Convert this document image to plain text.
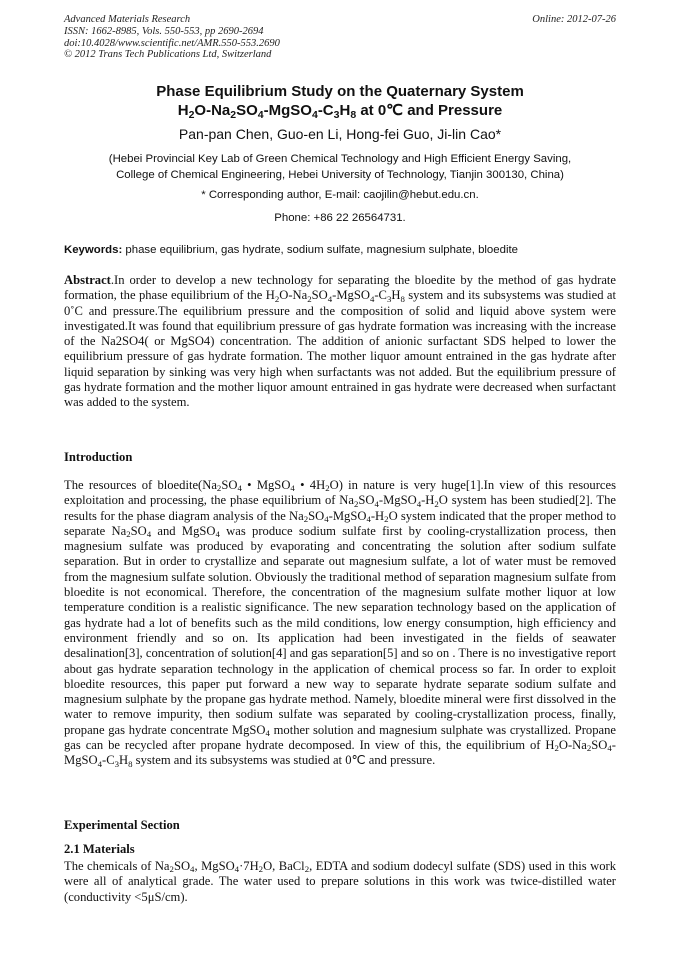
Advanced Materials Research
ISSN: 1662-8985, Vols. 550-553, pp 2690-2694
doi:10.4028/www.scientific.net/AMR.550-553.2690
© 2012 Trans Tech Publications Ltd, Switzerland
Online: 2012-07-26
Phase Equilibrium Study on the Quaternary System
$H_2O-Na_2SO_4-MgSO_4-C_3H_8$ at 0℃ and Pressure
Pan-pan Chen, Guo-en Li, Hong-fei Guo, Ji-lin Cao*
(Hebei Provincial Key Lab of Green Chemical Technology and High Efficient Energy Saving,
College of Chemical Engineering, Hebei University of Technology, Tianjin 300130, China)
* Corresponding author, E-mail: caojilin@hebut.edu.cn.
Phone: +86 22 26564731.
Keywords: phase equilibrium, gas hydrate, sodium sulfate, magnesium sulphate, bloedite
Abstract.In order to develop a new technology for separating the bloedite by the method of gas hydrate formation, the phase equilibrium of the $H_2O-Na_2SO_4-MgSO_4-C_3H_8$ system and its subsystems was studied at 0˚C and pressure.The equilibrium pressure and the composition of solid and liquid above system were investigated.It was found that equilibrium pressure of gas hydrate formation was increasing with the increase of the Na2SO4( or MgSO4) concentration. The addition of anionic surfactant SDS helped to lower the equilibrium pressure of gas hydrate formation. The mother liquor amount entrained in the gas hydrate after liquid separation by sinking was very high when surfactants was not added. But the equilibrium pressure of gas hydrate formation and the mother liquor amount entrained in gas hydrate were decreased when surfactant was added to the system.
Introduction
The resources of $bloedite(Na_2SO_4$ • MgSO$_4$ • $4H_2O$) in nature is very huge[1].In view of this resources exploitation and processing, the phase equilibrium of $Na_2SO_4-MgSO_4-H_2O$ system has been studied[2]. The results for the phase diagram analysis of the $Na_2SO_4-MgSO_4-H_2O$ system indicated that the proper method to separate $Na_2SO_4$ and MgSO$_4$ was produce sodium sulfate first by cooling-crystallization process, then magnesium sulfate was produced by evaporating and concentrating the solution after sodium sulfate separation. But in order to crystallize and separate out magnesium sulfate, a lot of water must be removed from the magnesium sulfate solution. Obviously the traditional method of separation magnesium sulfate from bloedite is not economical. Therefore, the concentration of the magnesium sulfate mother liquor at low temperature condition is a realistic significance. The new separation technology based on the application of gas hydrate had a lot of benefits such as the mild conditions, low energy consumption, high efficiency and environment friendly and so on. Its application had been investigated in the fields of seawater desalination[3], concentration of solution[4] and gas separation[5] and so on . There is no investigative report about gas hydrate separation technology in the application of chemical process so far. In order to exploit bloedite resources, this paper put forward a new way to separate hydrate separate sodium sulfate and magnesium sulphate by the propane gas hydrate method. Namely, bloedite mineral were first dissolved in the water to remove impurity, then sodium sulfate was separated by cooling-crystallization process, finally, propane gas hydrate concentrate MgSO$_4$ mother solution and magnesium sulphate was crystallized. Propane gas can be recycled after propane hydrate decomposed. In view of this, the equilibrium of $H_2O-Na_2SO_4-MgSO_4-C_3H_8$ system and its subsystems was studied at 0℃ and pressure.
Experimental Section
2.1 Materials
The chemicals of $Na_2SO_4$, $MgSO_4\cdot 7H_2O$, BaCl$_2$, EDTA and sodium dodecyl sulfate (SDS) used in this work were all of analytical grade. The water used to prepare solutions in this work was twice-distilled water (conductivity <5μS/cm).
